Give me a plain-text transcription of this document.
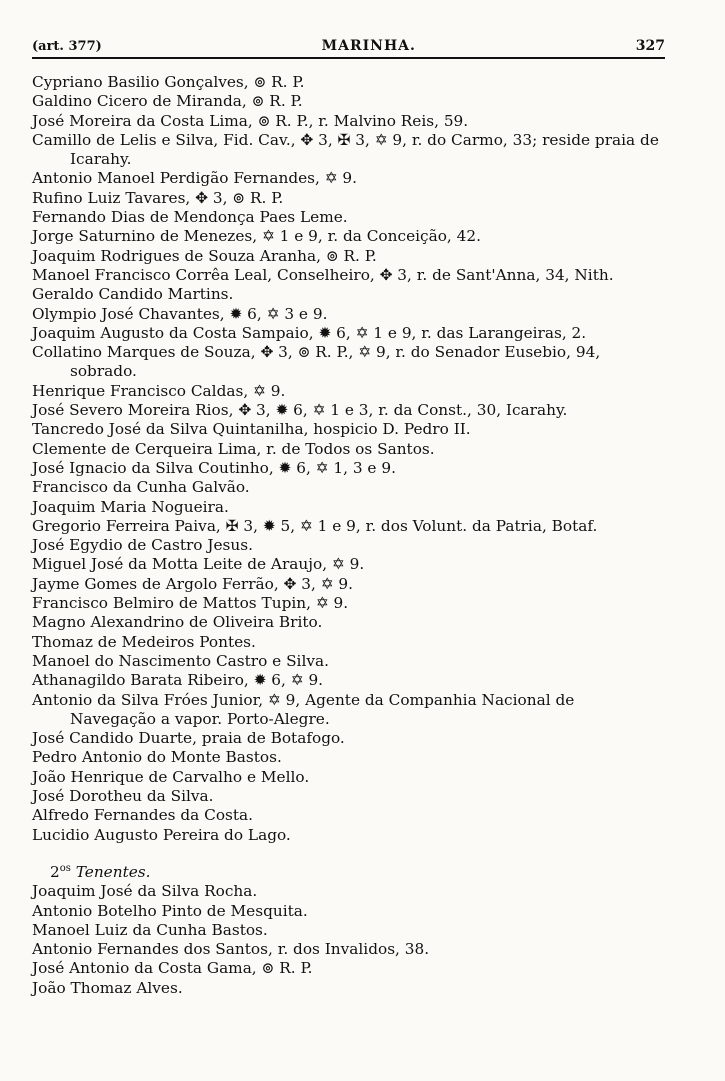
(art. 377)	MARINHA.	327
Cypriano Basilio Gonçalves, ⊚ R. P.
Galdino Cicero de Miranda, ⊚ R. P.
José Moreira da Costa Lima, ⊚ R. P., r. Malvino Reis, 59.
Camillo de Lelis e Silva, Fid. Cav., ✥ 3, ✠ 3, ✡ 9, r. do Carmo, 33; reside praia de Icarahy.
Antonio Manoel Perdigão Fernandes, ✡ 9.
Rufino Luiz Tavares, ✥ 3, ⊚ R. P.
Fernando Dias de Mendonça Paes Leme.
Jorge Saturnino de Menezes, ✡ 1 e 9, r. da Conceição, 42.
Joaquim Rodrigues de Souza Aranha, ⊚ R. P.
Manoel Francisco Corrêa Leal, Conselheiro, ✥ 3, r. de Sant'Anna, 34, Nith.
Geraldo Candido Martins.
Olympio José Chavantes, ✹ 6, ✡ 3 e 9.
Joaquim Augusto da Costa Sampaio, ✹ 6, ✡ 1 e 9, r. das Larangeiras, 2.
Collatino Marques de Souza, ✥ 3, ⊚ R. P., ✡ 9, r. do Senador Eusebio, 94, sobrado.
Henrique Francisco Caldas, ✡ 9.
José Severo Moreira Rios, ✥ 3, ✹ 6, ✡ 1 e 3, r. da Const., 30, Icarahy.
Tancredo José da Silva Quintanilha, hospicio D. Pedro II.
Clemente de Cerqueira Lima, r. de Todos os Santos.
José Ignacio da Silva Coutinho, ✹ 6, ✡ 1, 3 e 9.
Francisco da Cunha Galvão.
Joaquim Maria Nogueira.
Gregorio Ferreira Paiva, ✠ 3, ✹ 5, ✡ 1 e 9, r. dos Volunt. da Patria, Botaf.
José Egydio de Castro Jesus.
Miguel José da Motta Leite de Araujo, ✡ 9.
Jayme Gomes de Argolo Ferrão, ✥ 3, ✡ 9.
Francisco Belmiro de Mattos Tupin, ✡ 9.
Magno Alexandrino de Oliveira Brito.
Thomaz de Medeiros Pontes.
Manoel do Nascimento Castro e Silva.
Athanagildo Barata Ribeiro, ✹ 6, ✡ 9.
Antonio da Silva Fróes Junior, ✡ 9, Agente da Companhia Nacional de Navegação a vapor. Porto-Alegre.
José Candido Duarte, praia de Botafogo.
Pedro Antonio do Monte Bastos.
João Henrique de Carvalho e Mello.
José Dorotheu da Silva.
Alfredo Fernandes da Costa.
Lucidio Augusto Pereira do Lago.
$2^{os}$ Tenentes.
Joaquim José da Silva Rocha.
Antonio Botelho Pinto de Mesquita.
Manoel Luiz da Cunha Bastos.
Antonio Fernandes dos Santos, r. dos Invalidos, 38.
José Antonio da Costa Gama, ⊚ R. P.
João Thomaz Alves.
